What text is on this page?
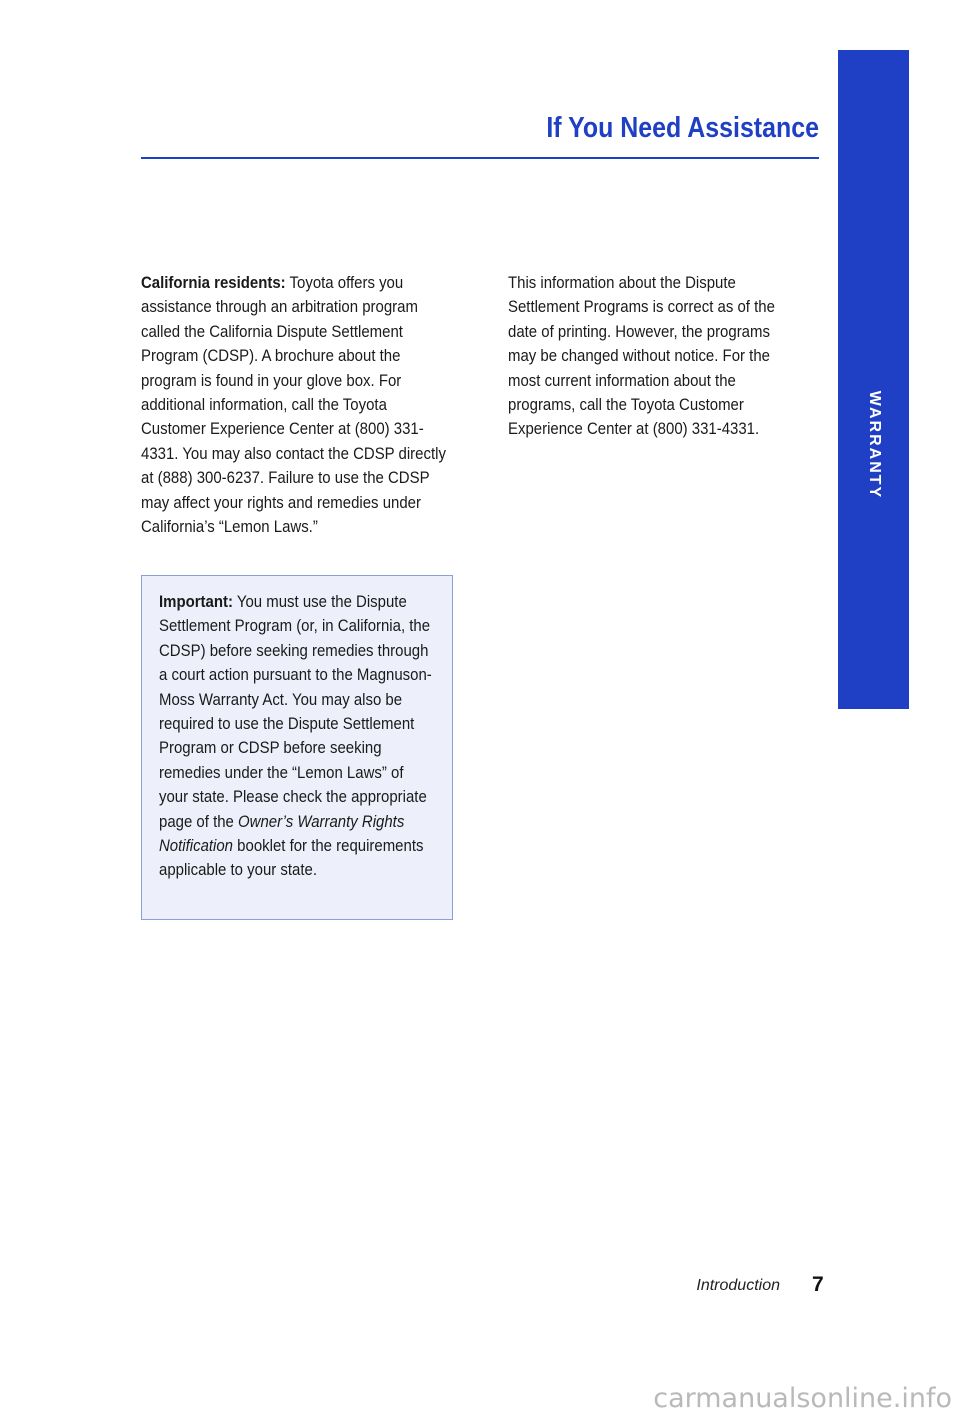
WARRANTY
If You Need Assistance
California residents: Toyota offers you assistance through an arbitration program called the California Dispute Settlement Program (CDSP). A brochure about the program is found in your glove box. For additional information, call the Toyota Customer Experience Center at (800) 331-4331. You may also contact the CDSP directly at (888) 300-6237. Failure to use the CDSP may affect your rights and remedies under California’s “Lemon Laws.”
Important: You must use the Dispute Settlement Program (or, in California, the CDSP) before seeking remedies through a court action pursuant to the Magnuson-Moss Warranty Act. You may also be required to use the Dispute Settlement Program or CDSP before seeking remedies under the “Lemon Laws” of your state. Please check the appropriate page of the Owner’s Warranty Rights Notification booklet for the requirements applicable to your state.
This information about the Dispute Settlement Programs is correct as of the date of printing. However, the programs may be changed without notice. For the most current information about the programs, call the Toyota Customer Experience Center at (800) 331-4331.
Introduction 7
carmanualsonline.info
